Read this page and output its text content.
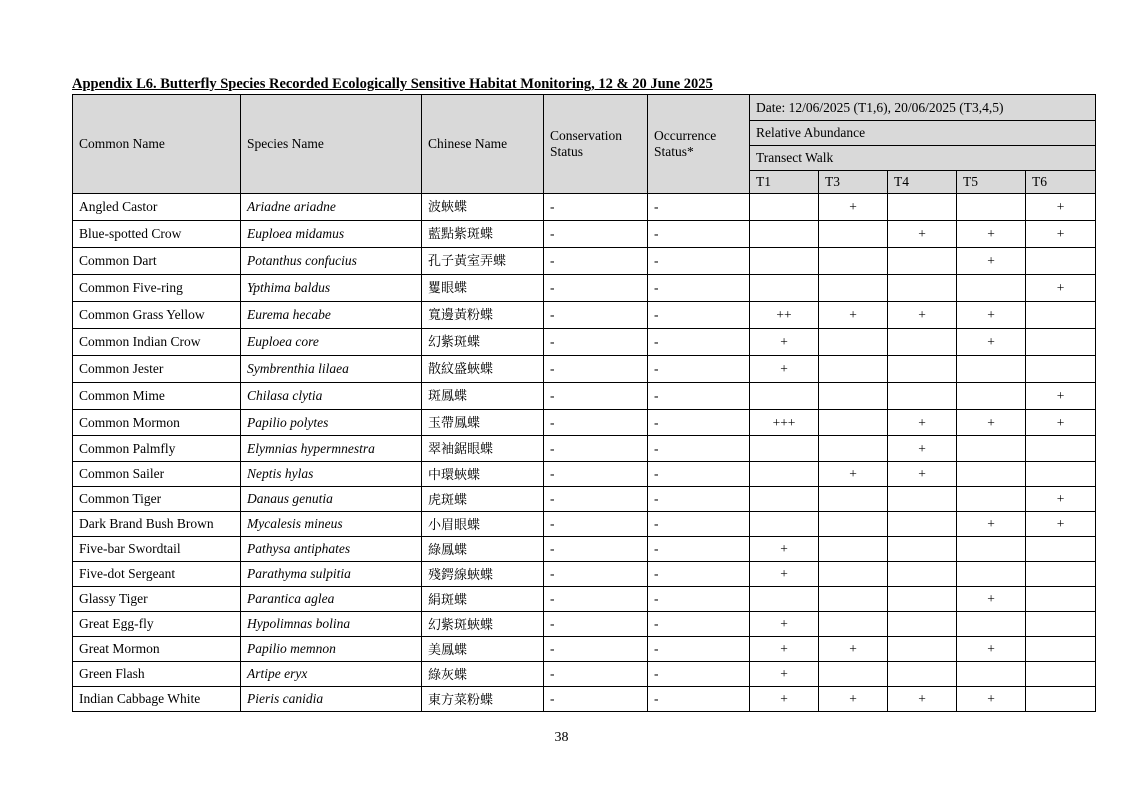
Appendix L6. Butterfly Species Recorded Ecologically Sensitive Habitat Monitoring, 12 & 20 June 2025
Common Name	Species Name	Chinese Name	Conservation Status	Occurrence Status*	Date: 12/06/2025 (T1,6), 20/06/2025 (T3,4,5)				
					Relative Abundance				
					Transect Walk				
					T1	T3	T4	T5	T6
Angled Castor	Ariadne ariadne	波蛺蝶	-	-		+			+
Blue-spotted Crow	Euploea midamus	藍點紫斑蝶	-	-			+	+	+
Common Dart	Potanthus confucius	孔子黃室弄蝶	-	-				+	
Common Five-ring	Ypthima baldus	矍眼蝶	-	-					+
Common Grass Yellow	Eurema hecabe	寬邊黃粉蝶	-	-	++	+	+	+	
Common Indian Crow	Euploea core	幻紫斑蝶	-	-	+			+	
Common Jester	Symbrenthia lilaea	散紋盛蛺蝶	-	-	+				
Common Mime	Chilasa clytia	斑鳳蝶	-	-					+
Common Mormon	Papilio polytes	玉帶鳳蝶	-	-	+++		+	+	+
Common Palmfly	Elymnias hypermnestra	翠袖鋸眼蝶	-	-			+		
Common Sailer	Neptis hylas	中環蛺蝶	-	-		+	+		
Common Tiger	Danaus genutia	虎斑蝶	-	-					+
Dark Brand Bush Brown	Mycalesis mineus	小眉眼蝶	-	-				+	+
Five-bar Swordtail	Pathysa antiphates	綠鳳蝶	-	-	+				
Five-dot Sergeant	Parathyma sulpitia	殘鍔線蛺蝶	-	-	+				
Glassy Tiger	Parantica aglea	絹斑蝶	-	-				+	
Great Egg-fly	Hypolimnas bolina	幻紫斑蛺蝶	-	-	+				
Great Mormon	Papilio memnon	美鳳蝶	-	-	+	+		+	
Green Flash	Artipe eryx	綠灰蝶	-	-	+				
Indian Cabbage White	Pieris canidia	東方菜粉蝶	-	-	+	+	+	+	
38
